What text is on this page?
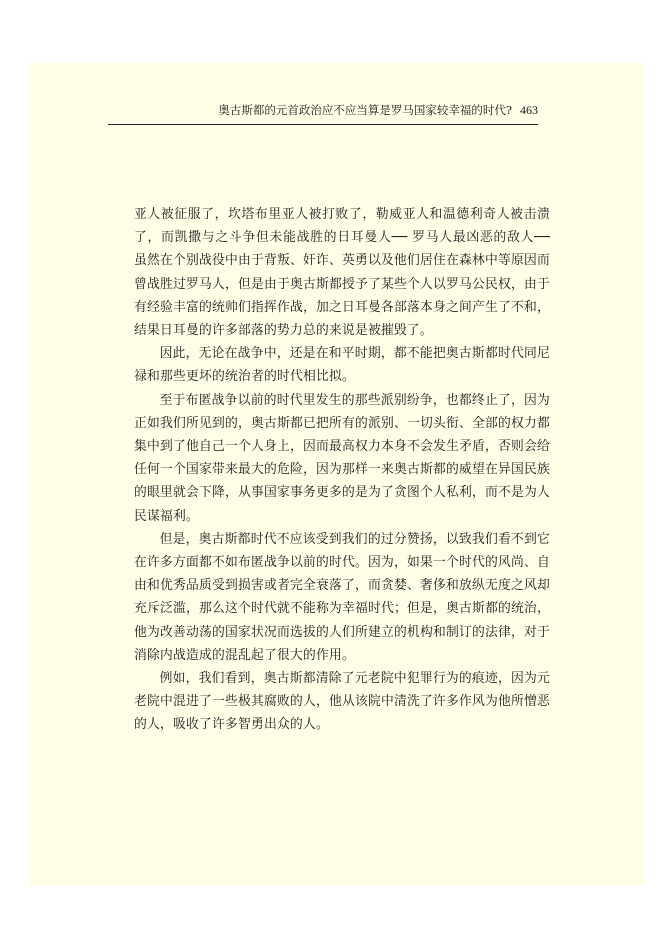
奥古斯都的元首政治应不应当算是罗马国家较幸福的时代? 463

亚人被征服了，坎塔布里亚人被打败了，勒威亚人和温德利奇人被击溃了，而凯撒与之斗争但未能战胜的日耳曼人── 罗马人最凶恶的敌人── 虽然在个别战役中由于背叛、奸诈、英勇以及他们居住在森林中等原因而曾战胜过罗马人，但是由于奥古斯都授予了某些个人以罗马公民权，由于有经验丰富的统帅们指挥作战，加之日耳曼各部落本身之间产生了不和，结果日耳曼的许多部落的势力总的来说是被摧毁了。

因此，无论在战争中，还是在和平时期，都不能把奥古斯都时代同尼禄和那些更坏的统治者的时代相比拟。

至于布匿战争以前的时代里发生的那些派别纷争，也都终止了，因为正如我们所见到的，奥古斯都已把所有的派别、一切头衔、全部的权力都集中到了他自己一个人身上，因而最高权力本身不会发生矛盾，否则会给任何一个国家带来最大的危险，因为那样一来奥古斯都的威望在异国民族的眼里就会下降，从事国家事务更多的是为了贪图个人私利，而不是为人民谋福利。

但是，奥古斯都时代不应该受到我们的过分赞扬，以致我们看不到它在许多方面都不如布匿战争以前的时代。因为，如果一个时代的风尚、自由和优秀品质受到损害或者完全衰落了，而贪婪、奢侈和放纵无度之风却充斥泛滥，那么这个时代就不能称为幸福时代；但是，奥古斯都的统治，他为改善动荡的国家状况而选拔的人们所建立的机构和制订的法律，对于消除内战造成的混乱起了很大的作用。

例如，我们看到，奥古斯都清除了元老院中犯罪行为的痕迹，因为元老院中混进了一些极其腐败的人，他从该院中清洗了许多作风为他所憎恶的人，吸收了许多智勇出众的人。
